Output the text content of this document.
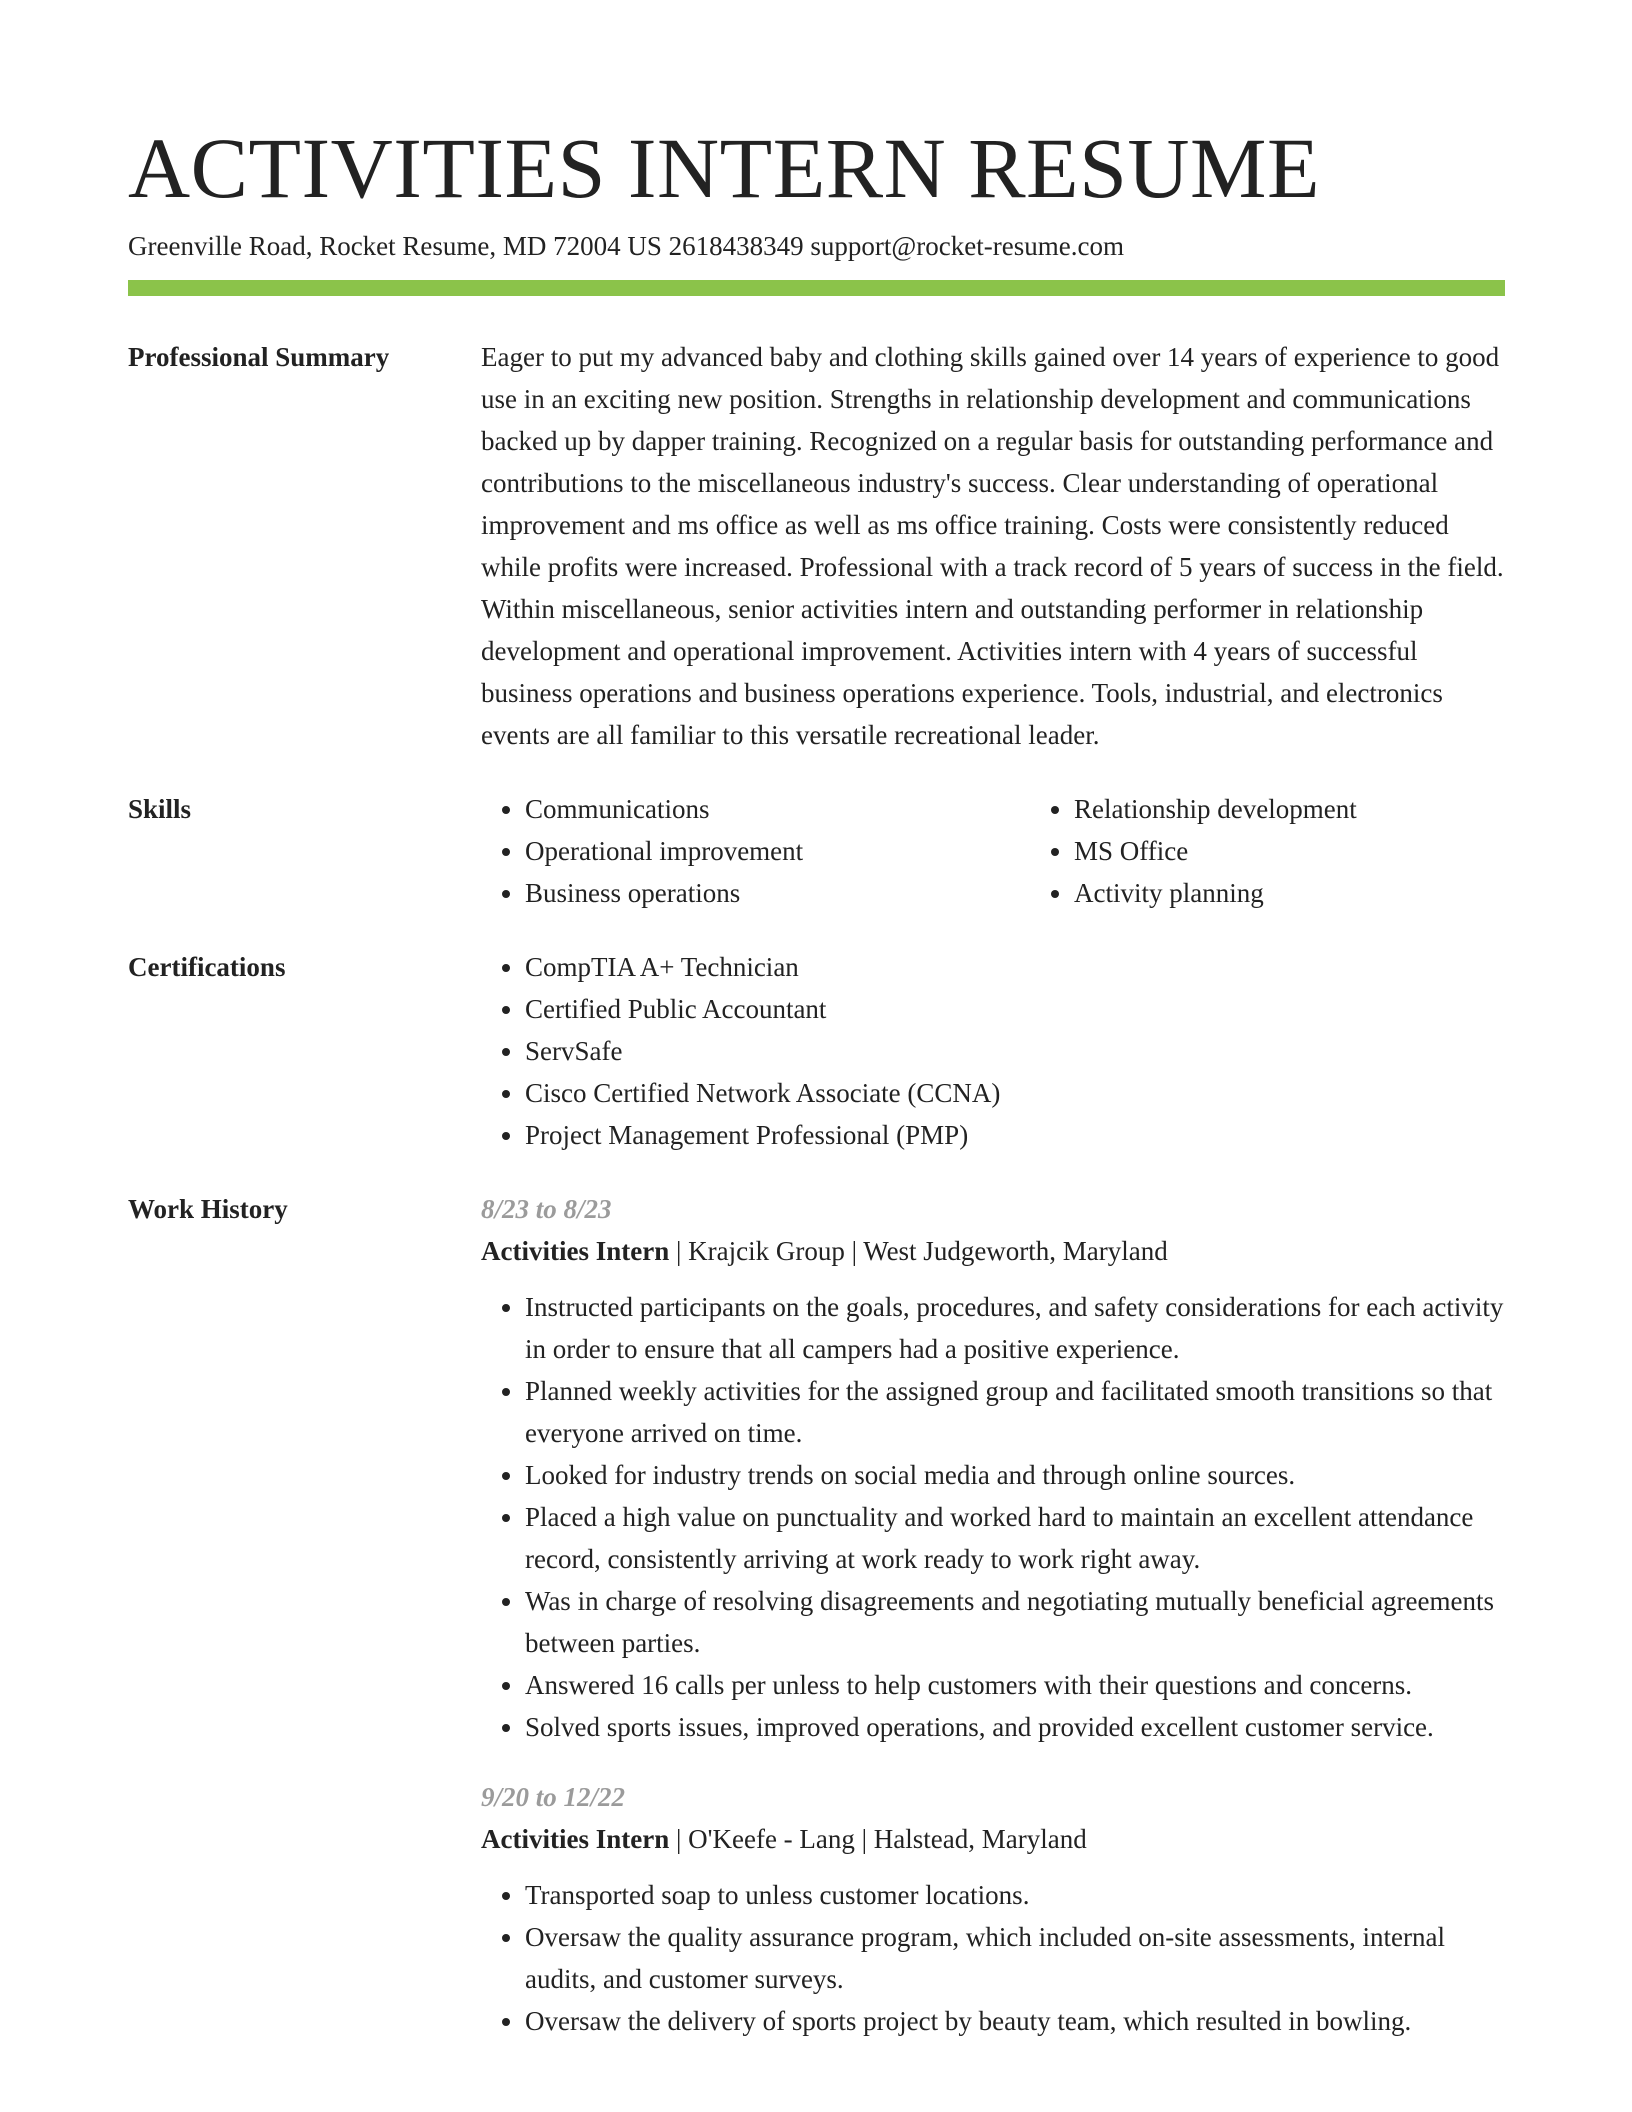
ACTIVITIES INTERN RESUME
Greenville Road, Rocket Resume, MD 72004 US 2618438349 support@rocket-resume.com
Professional Summary	Eager to put my advanced baby and clothing skills gained over 14 years of experience to good use in an exciting new position. Strengths in relationship development and communications backed up by dapper training. Recognized on a regular basis for outstanding performance and contributions to the miscellaneous industry's success. Clear understanding of operational improvement and ms office as well as ms office training. Costs were consistently reduced while profits were increased. Professional with a track record of 5 years of success in the field. Within miscellaneous, senior activities intern and outstanding performer in relationship development and operational improvement. Activities intern with 4 years of successful business operations and business operations experience. Tools, industrial, and electronics events are all familiar to this versatile recreational leader.

Skills	• Communications
• Operational improvement
• Business operations
• Relationship development
• MS Office
• Activity planning
Certifications	• CompTIA A+ Technician
• Certified Public Accountant
• ServSafe
• Cisco Certified Network Associate (CCNA)
• Project Management Professional (PMP)
Work History	8/23 to 8/23
Activities Intern | Krajcik Group | West Judgeworth, Maryland
• Instructed participants on the goals, procedures, and safety considerations for each activity in order to ensure that all campers had a positive experience.
• Planned weekly activities for the assigned group and facilitated smooth transitions so that everyone arrived on time.
• Looked for industry trends on social media and through online sources.
• Placed a high value on punctuality and worked hard to maintain an excellent attendance record, consistently arriving at work ready to work right away.
• Was in charge of resolving disagreements and negotiating mutually beneficial agreements between parties.
• Answered 16 calls per unless to help customers with their questions and concerns.
• Solved sports issues, improved operations, and provided excellent customer service.
9/20 to 12/22
Activities Intern | O'Keefe - Lang | Halstead, Maryland
• Transported soap to unless customer locations.
• Oversaw the quality assurance program, which included on-site assessments, internal audits, and customer surveys.
• Oversaw the delivery of sports project by beauty team, which resulted in bowling.
